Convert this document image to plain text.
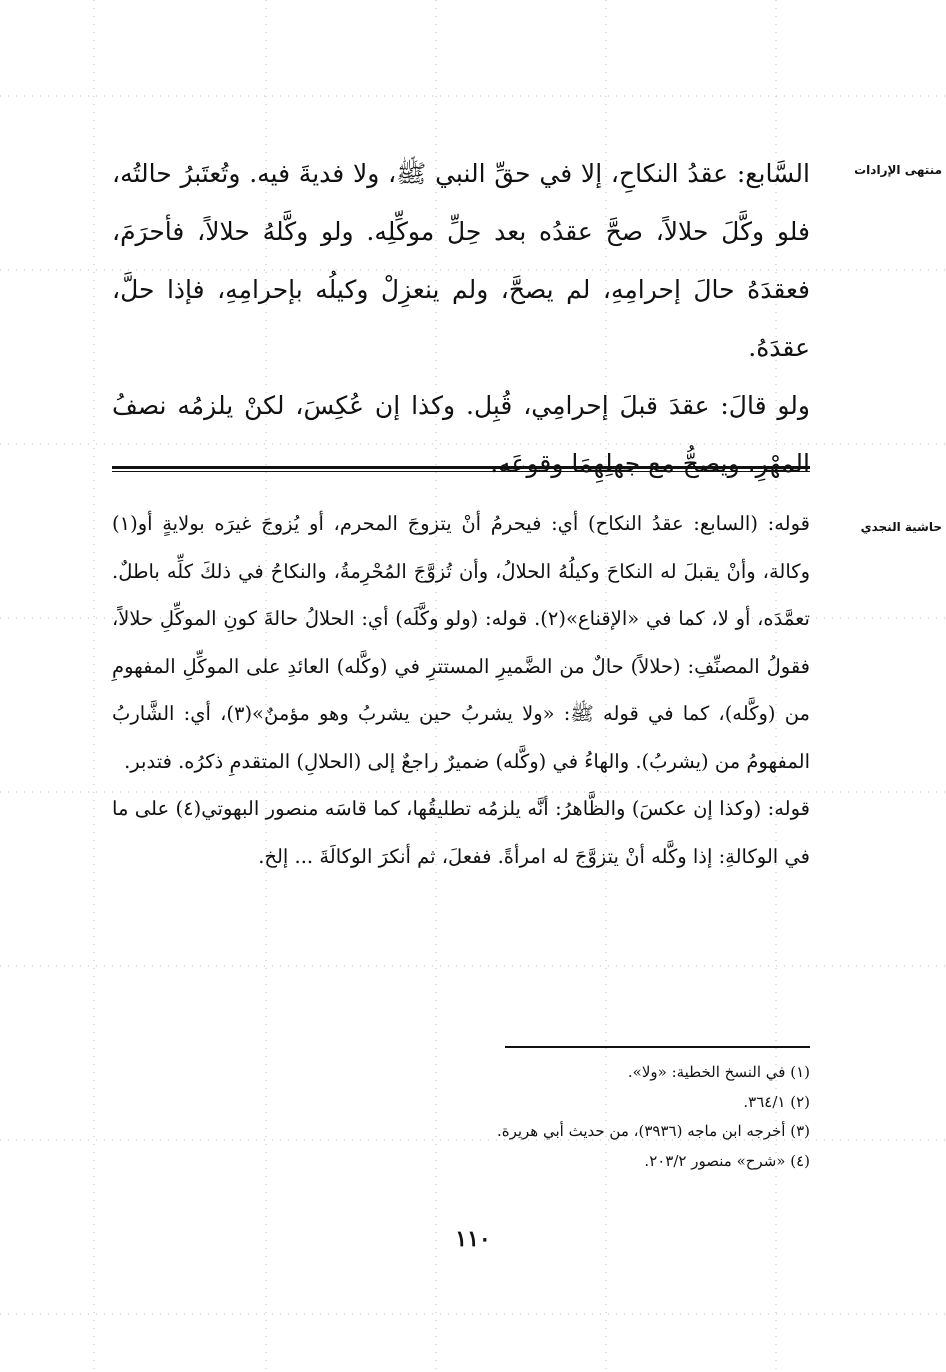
منتهى الإرادات
حاشية النجدي

السَّابع: عقدُ النكاحِ، إلا في حقِّ النبي ﷺ، ولا فديةَ فيه. وتُعتَبرُ حالتُه، فلو وكَّلَ حلالاً، صحَّ عقدُه بعد حِلِّ موكِّلِه. ولو وكَّلهُ حلالاً، فأحرَمَ، فعقدَهُ حالَ إحرامِهِ، لم يصحَّ، ولم ينعزِلْ وكيلُه بإحرامِهِ، فإذا حلَّ، عقدَهُ.

ولو قالَ: عقدَ قبلَ إحرامِي، قُبِل. وكذا إن عُكِسَ، لكنْ يلزمُه نصفُ المهْرِ، ويصحُّ مع جهلِهِمَا وقوعَه.

قوله: (السابع: عقدُ النكاح) أي: فيحرمُ أنْ يتزوجَ المحرم، أو يُزوجَ غيرَه بولايةٍ أو(١) وكالة، وأنْ يقبلَ له النكاحَ وكيلُهُ الحلالُ، وأن تُزوَّجَ المُحْرِمةُ، والنكاحُ في ذلكَ كلِّه باطلٌ. تعمَّدَه، أو لا، كما في «الإقناع»(٢). قوله: (ولو وكَّلَه) أي: الحلالُ حالةَ كونِ الموكِّلِ حلالاً، فقولُ المصنِّفِ: (حلالاً) حالٌ من الضَّميرِ المستترِ في (وكَّله) العائدِ على الموكِّلِ المفهومِ من (وكَّله)، كما في قوله ﷺ: «ولا يشربُ حين يشربُ وهو مؤمنٌ»(٣)، أي: الشَّاربُ المفهومُ من (يشربُ). والهاءُ في (وكَّله) ضميرٌ راجعٌ إلى (الحلالِ) المتقدمِ ذكرُه. فتدبر.

قوله: (وكذا إن عكسَ) والظَّاهرُ: أنَّه يلزمُه تطليقُها، كما قاسَه منصور البهوتي(٤) على ما في الوكالةِ: إذا وكَّله أنْ يتزوَّجَ له امرأةً. ففعلَ، ثم أنكرَ الوكالَةَ ... إلخ.

(١) في النسخ الخطية: «ولا».

(٢) ٣٦٤/١.

(٣) أخرجه ابن ماجه (٣٩٣٦)، من حديث أبي هريرة.

(٤) «شرح» منصور ٢٠٣/٢.

١١٠
